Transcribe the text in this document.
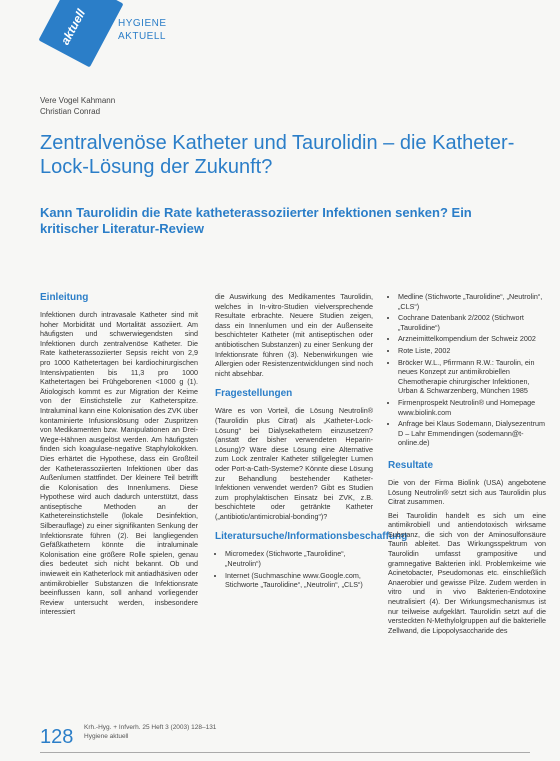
aktuell	HYGIENE
AKTUELL
Vere Vogel Kahmann
Christian Conrad
Zentralvenöse Katheter und Taurolidin – die Katheter-Lock-Lösung der Zukunft?
Kann Taurolidin die Rate katheterassoziierter Infektionen senken? Ein kritischer Literatur-Review
Einleitung
Infektionen durch intravasale Katheter sind mit hoher Morbidität und Mortalität assoziiert. Am häufigsten und schwerwiegendsten sind Infektionen durch zentralvenöse Katheter. Die Rate katheterassoziierter Sepsis reicht von 2,9 pro 1000 Kathetertagen bei kardiochirurgischen Intensivpatienten bis 11,3 pro 1000 Kathetertagen bei Frühgeborenen <1000 g (1). Ätiologisch kommt es zur Migration der Keime von der Einstichstelle zur Katheterspitze. Intraluminal kann eine Kolonisation des ZVK über kontaminierte Infusionslösung oder Zuspritzen von Medikamenten bzw. Manipulationen an Drei-Wege-Hähnen ausgelöst werden. Am häufigsten finden sich koagulase-negative Staphylokokken. Dies erhärtet die Hypothese, dass ein Großteil der Katheterassoziierten Infektionen über das Außenlumen stattfindet. Der kleinere Teil betrifft die Kolonisation des Innenlumens. Diese Hypothese wird auch dadurch unterstützt, dass antiseptische Methoden an der Kathetereinstichstelle (lokale Desinfektion, Silberauflage) zu einer signifikanten Senkung der Infektionsrate führen (2). Bei langliegenden Gefäßkathetern könnte die intraluminale Kolonisation eine größere Rolle spielen, genau dies bedeutet sich nicht bekannt. Ob und inwieweit ein Katheterlock mit antiadhäsiven oder antimikrobieller Substanzen die Infektionsrate beeinflussen kann, soll anhand vorliegender Review untersucht werden, insbesondere interessiert
die Auswirkung des Medikamentes Taurolidin, welches in In-vitro-Studien vielversprechende Resultate erbrachte. Neuere Studien zeigen, dass ein Innenlumen und ein der Außenseite beschichteter Katheter (mit antiseptischen oder antibiotischen Substanzen) zu einer Senkung der Infektionsrate führen (3). Nebenwirkungen wie Allergien oder Resistenzentwicklungen sind noch nicht absehbar.
Fragestellungen
Wäre es von Vorteil, die Lösung Neutrolin® (Taurolidin plus Citrat) als „Katheter-Lock-Lösung“ bei Dialysekathetern einzusetzen? (anstatt der bisher verwendeten Heparin-Lösung)? Wäre diese Lösung eine Alternative zum Lock zentraler Katheter stillgelegter Lumen oder Port-a-Cath-Systeme? Könnte diese Lösung zur Behandlung bestehender Katheter-Infektionen verwendet werden? Gibt es Studien zum prophylaktischen Einsatz bei ZVK, z.B. beschichtete oder getränkte Katheter („antibiotic/antimicrobial-bonding“)?
Literatursuche/Informationsbeschaffung
• Micromedex (Stichworte „Taurolidine“, „Neutrolin“)
• Internet (Suchmaschine www.Google.com, Stichworte „Taurolidine“, „Neutrolin“, „CLS“)
• Medline (Stichworte „Taurolidine“, „Neutrolin“, „CLS“)
• Cochrane Datenbank 2/2002 (Stichwort „Taurolidine“)
• Arzneimittelkompendium der Schweiz 2002
• Rote Liste, 2002
• Bröcker W.L., Pfirrmann R.W.: Taurolin, ein neues Konzept zur antimikrobiellen Chemotherapie chirurgischer Infektionen, Urban & Schwarzenberg, München 1985
• Firmenprospekt Neutrolin® und Homepage www.biolink.com
• Anfrage bei Klaus Sodemann, Dialysezentrum D – Lahr Emmendingen (sodemann@t-online.de)
Resultate
Die von der Firma Biolink (USA) angebotene Lösung Neutrolin® setzt sich aus Taurolidin plus Citrat zusammen.
Bei Taurolidin handelt es sich um eine antimikrobiell und antiendotoxisch wirksame Substanz, die sich von der Aminosulfonsäure Taurin ableitet. Das Wirkungsspektrum von Taurolidin umfasst grampositive und gramnegative Bakterien inkl. Problemkeime wie Acinetobacter, Pseudomonas etc. einschließlich Anaerobier und gewisse Pilze. Zudem werden in vitro und in vivo Bakterien-Endotoxine neutralisiert (4). Der Wirkungsmechanismus ist nur teilweise aufgeklärt. Taurolidin setzt auf die versteckten N-Methylolgruppen auf die bakterielle Zellwand, die Lipopolysaccharide des
128 Krh.-Hyg. + Infverh. 25 Heft 3 (2003) 128–131
Hygiene aktuell
